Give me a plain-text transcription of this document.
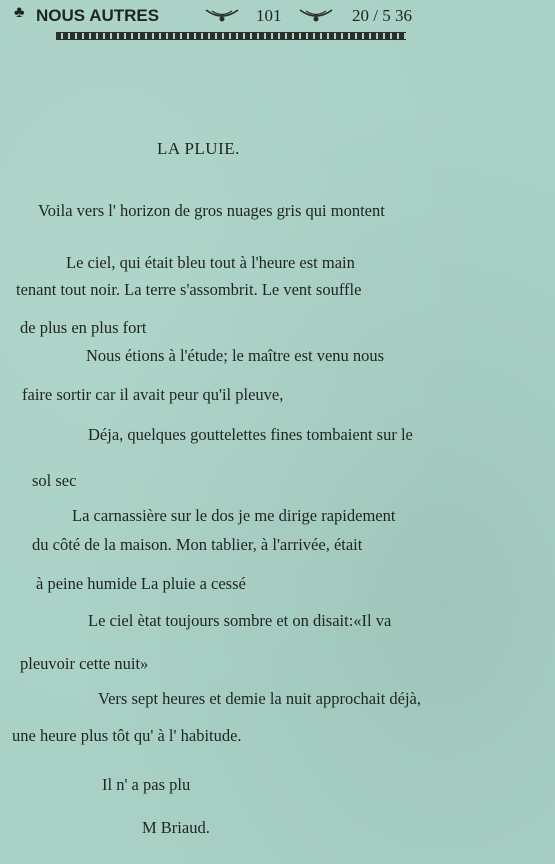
♣ NOUS AUTRES	101	20 / 5 36
LA PLUIE.
Voila vers l' horizon de gros nuages gris qui montent
Le ciel, qui était bleu tout à l'heure est main
tenant tout noir. La terre s'assombrit. Le vent souffle
de plus en plus fort
Nous étions à l'étude; le maître est venu nous
faire sortir car il avait peur qu'il pleuve,
Déja, quelques gouttelettes fines tombaient sur le
sol sec
La carnassière sur le dos je me dirige rapidement
du côté de la maison. Mon tablier, à l'arrivée, était
à peine humide La pluie a cessé
Le ciel ètat toujours sombre et on disait:«Il va
pleuvoir cette nuit»
Vers sept heures et demie la nuit approchait déjà,
une heure plus tôt qu' à l' habitude.
Il n' a pas plu
M Briaud.
